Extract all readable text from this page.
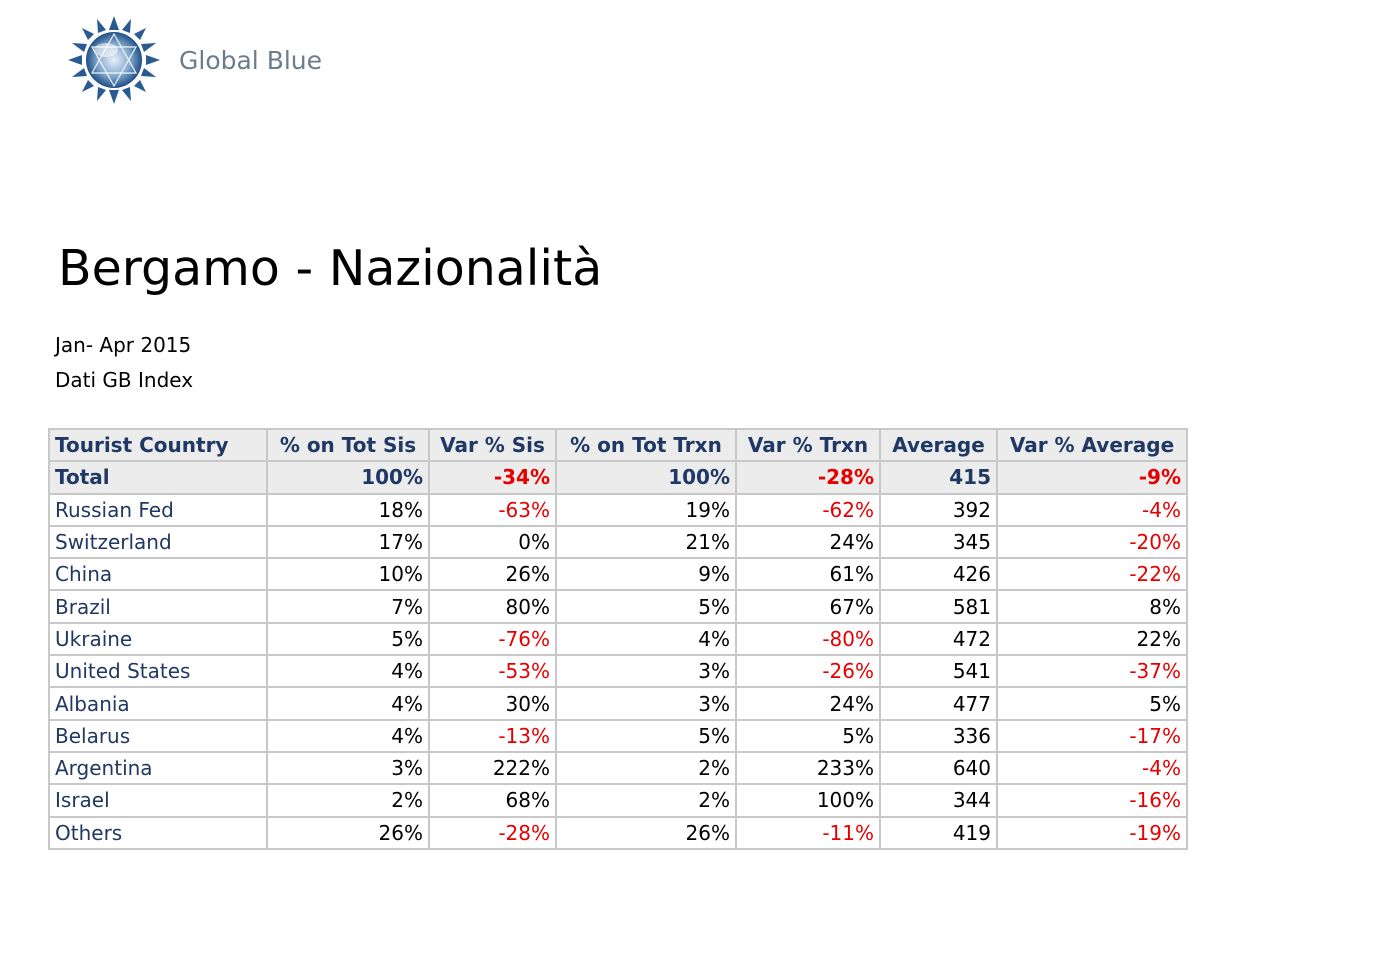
Global Blue
Bergamo - Nazionalità
Jan- Apr 2015
Dati GB Index
Tourist Country	% on Tot Sis	Var % Sis	% on Tot Trxn	Var % Trxn	Average	Var % Average
Total	100%	-34%	100%	-28%	415	-9%
Russian Fed	18%	-63%	19%	-62%	392	-4%
Switzerland	17%	0%	21%	24%	345	-20%
China	10%	26%	9%	61%	426	-22%
Brazil	7%	80%	5%	67%	581	8%
Ukraine	5%	-76%	4%	-80%	472	22%
United States	4%	-53%	3%	-26%	541	-37%
Albania	4%	30%	3%	24%	477	5%
Belarus	4%	-13%	5%	5%	336	-17%
Argentina	3%	222%	2%	233%	640	-4%
Israel	2%	68%	2%	100%	344	-16%
Others	26%	-28%	26%	-11%	419	-19%
